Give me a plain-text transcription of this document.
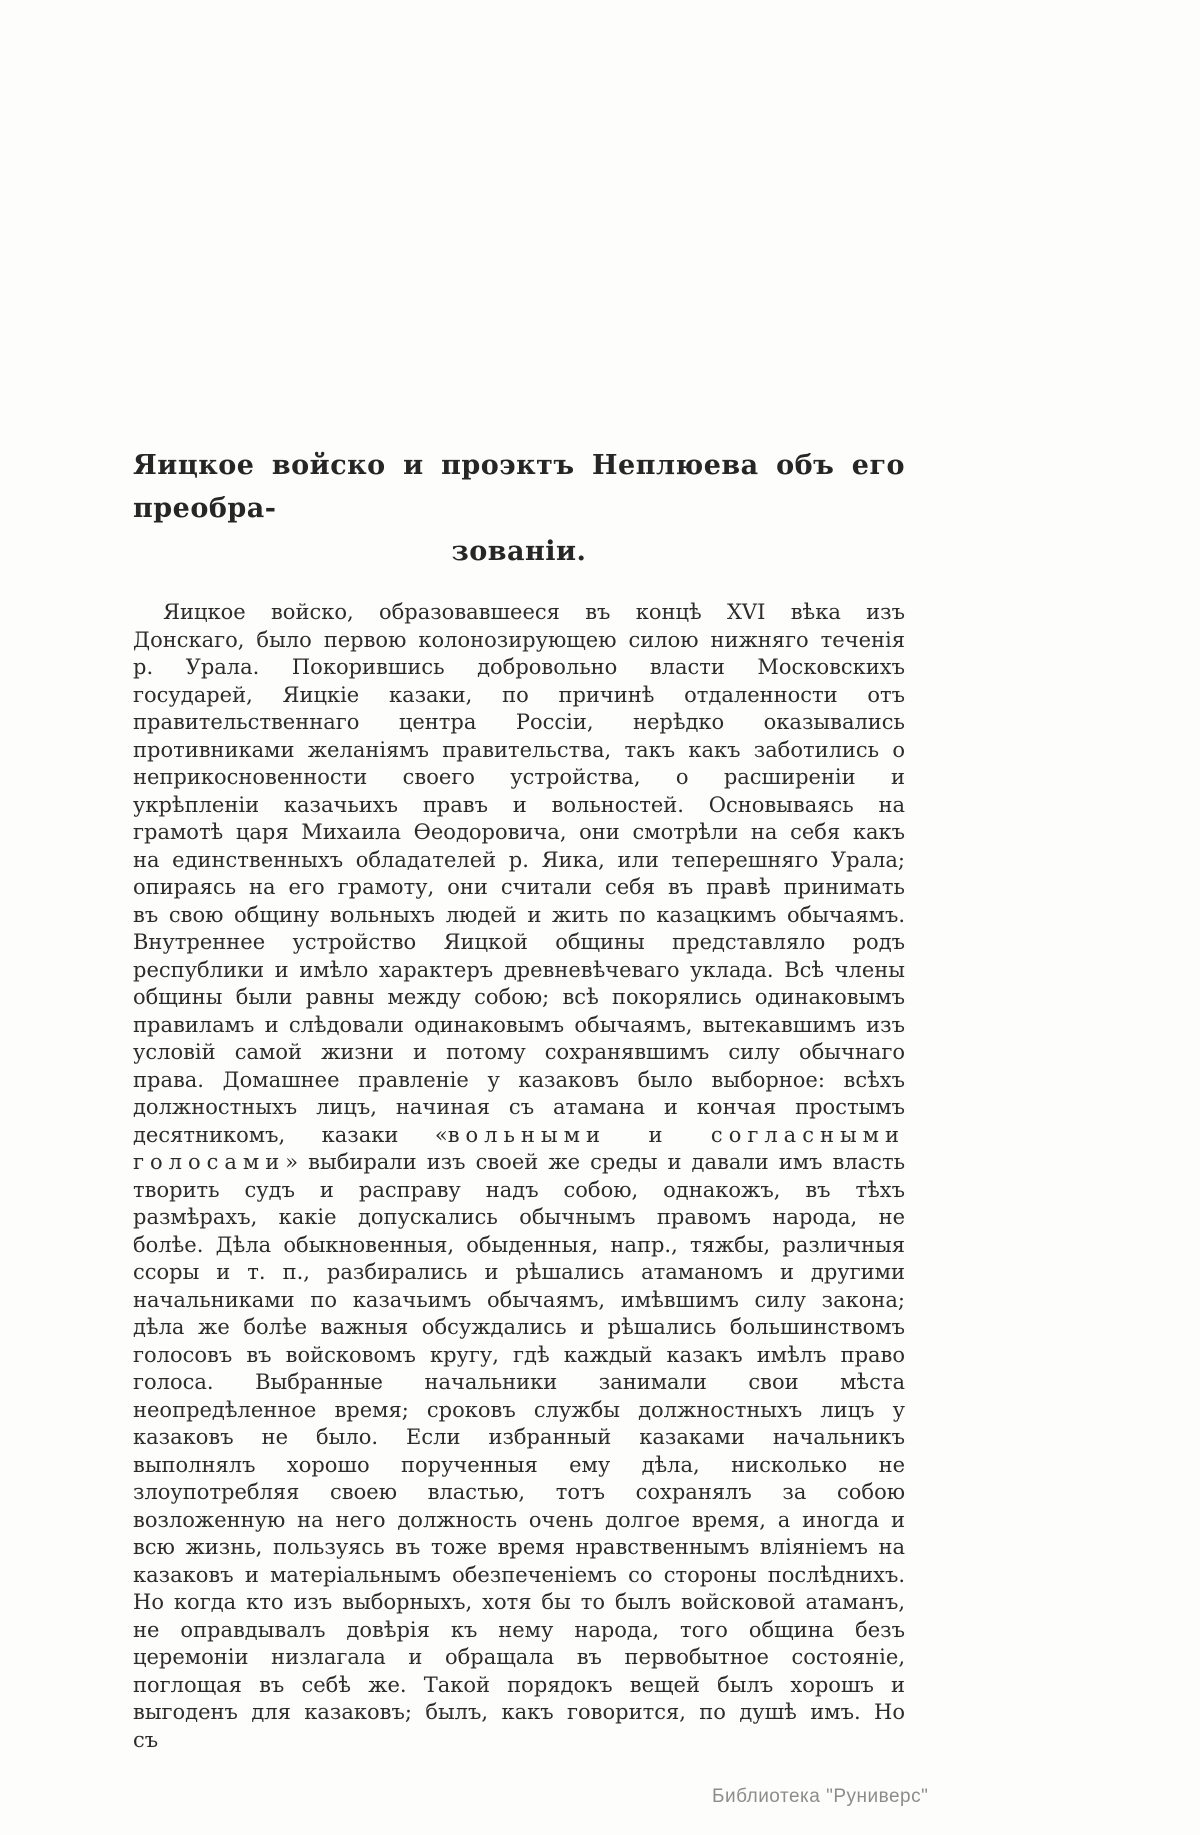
Яицкое войско и проэктъ Неплюева объ его преобра-
зованіи.

Яицкое войско, образовавшееся въ концѣ XVI вѣка изъ Донскаго, было первою колонозирующею силою нижняго теченія р. Урала. Покорившись добровольно власти Московскихъ государей, Яицкіе казаки, по причинѣ отдаленности отъ правительственнаго центра Россіи, нерѣдко оказывались противниками желаніямъ правительства, такъ какъ заботились о неприкосновенности своего устройства, о расширеніи и укрѣпленіи казачьихъ правъ и вольностей. Основываясь на грамотѣ царя Михаила Ѳеодоровича, они смотрѣли на себя какъ на единственныхъ обладателей р. Яика, или теперешняго Урала; опираясь на его грамоту, они считали себя въ правѣ принимать въ свою общину вольныхъ людей и жить по казацкимъ обычаямъ. Внутреннее устройство Яицкой общины представляло родъ республики и имѣло характеръ древневѣчеваго уклада. Всѣ члены общины были равны между собою; всѣ покорялись одинаковымъ правиламъ и слѣдовали одинаковымъ обычаямъ, вытекавшимъ изъ условій самой жизни и потому сохранявшимъ силу обычнаго права. Домашнее правленіе у казаковъ было выборное: всѣхъ должностныхъ лицъ, начиная съ атамана и кончая простымъ десятникомъ, казаки «вольными и согласными голосами» выбирали изъ своей же среды и давали имъ власть творить судъ и расправу надъ собою, однакожъ, въ тѣхъ размѣрахъ, какіе допускались обычнымъ правомъ народа, не болѣе. Дѣла обыкновенныя, обыденныя, напр., тяжбы, различныя ссоры и т. п., разбирались и рѣшались атаманомъ и другими начальниками по казачьимъ обычаямъ, имѣвшимъ силу закона; дѣла же болѣе важныя обсуждались и рѣшались большинствомъ голосовъ въ войсковомъ кругу, гдѣ каждый казакъ имѣлъ право голоса. Выбранные начальники занимали свои мѣста неопредѣленное время; сроковъ службы должностныхъ лицъ у казаковъ не было. Если избранный казаками начальникъ выполнялъ хорошо порученныя ему дѣла, нисколько не злоупотребляя своею властью, тотъ сохранялъ за собою возложенную на него должность очень долгое время, а иногда и всю жизнь, пользуясь въ тоже время нравственнымъ вліяніемъ на казаковъ и матеріальнымъ обезпеченіемъ со стороны послѣднихъ. Но когда кто изъ выборныхъ, хотя бы то былъ войсковой атаманъ, не оправдывалъ довѣрія къ нему народа, того община безъ церемоніи низлагала и обращала въ первобытное состояніе, поглощая въ себѣ же. Такой порядокъ вещей былъ хорошъ и выгоденъ для казаковъ; былъ, какъ говорится, по душѣ имъ. Но съ

Библиотека "Руниверс"
